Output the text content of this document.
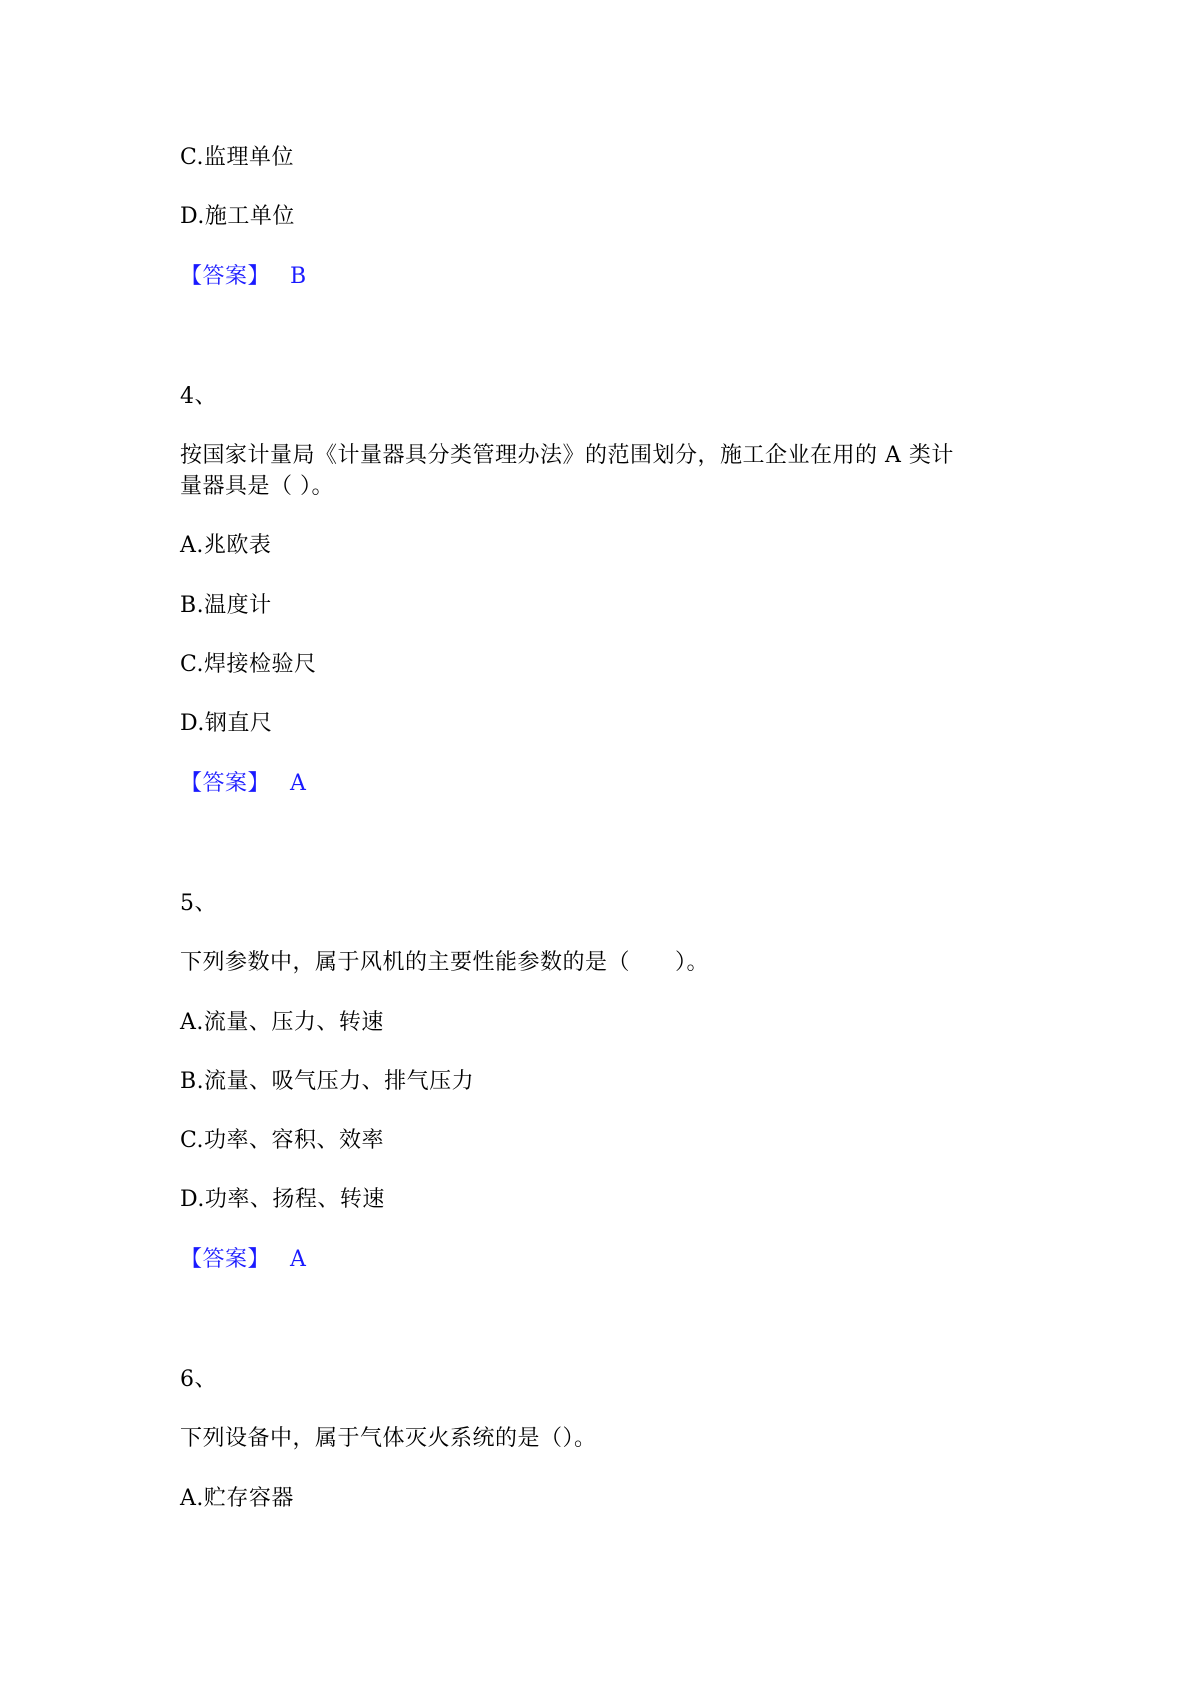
C.监理单位
D.施工单位
【答案】 B
4、
按国家计量局《计量器具分类管理办法》的范围划分，施工企业在用的 A 类计
量器具是（ ）。
A.兆欧表
B.温度计
C.焊接检验尺
D.钢直尺
【答案】 A
5、
下列参数中，属于风机的主要性能参数的是（　　）。
A.流量、压力、转速
B.流量、吸气压力、排气压力
C.功率、容积、效率
D.功率、扬程、转速
【答案】 A
6、
下列设备中，属于气体灭火系统的是（）。
A.贮存容器
